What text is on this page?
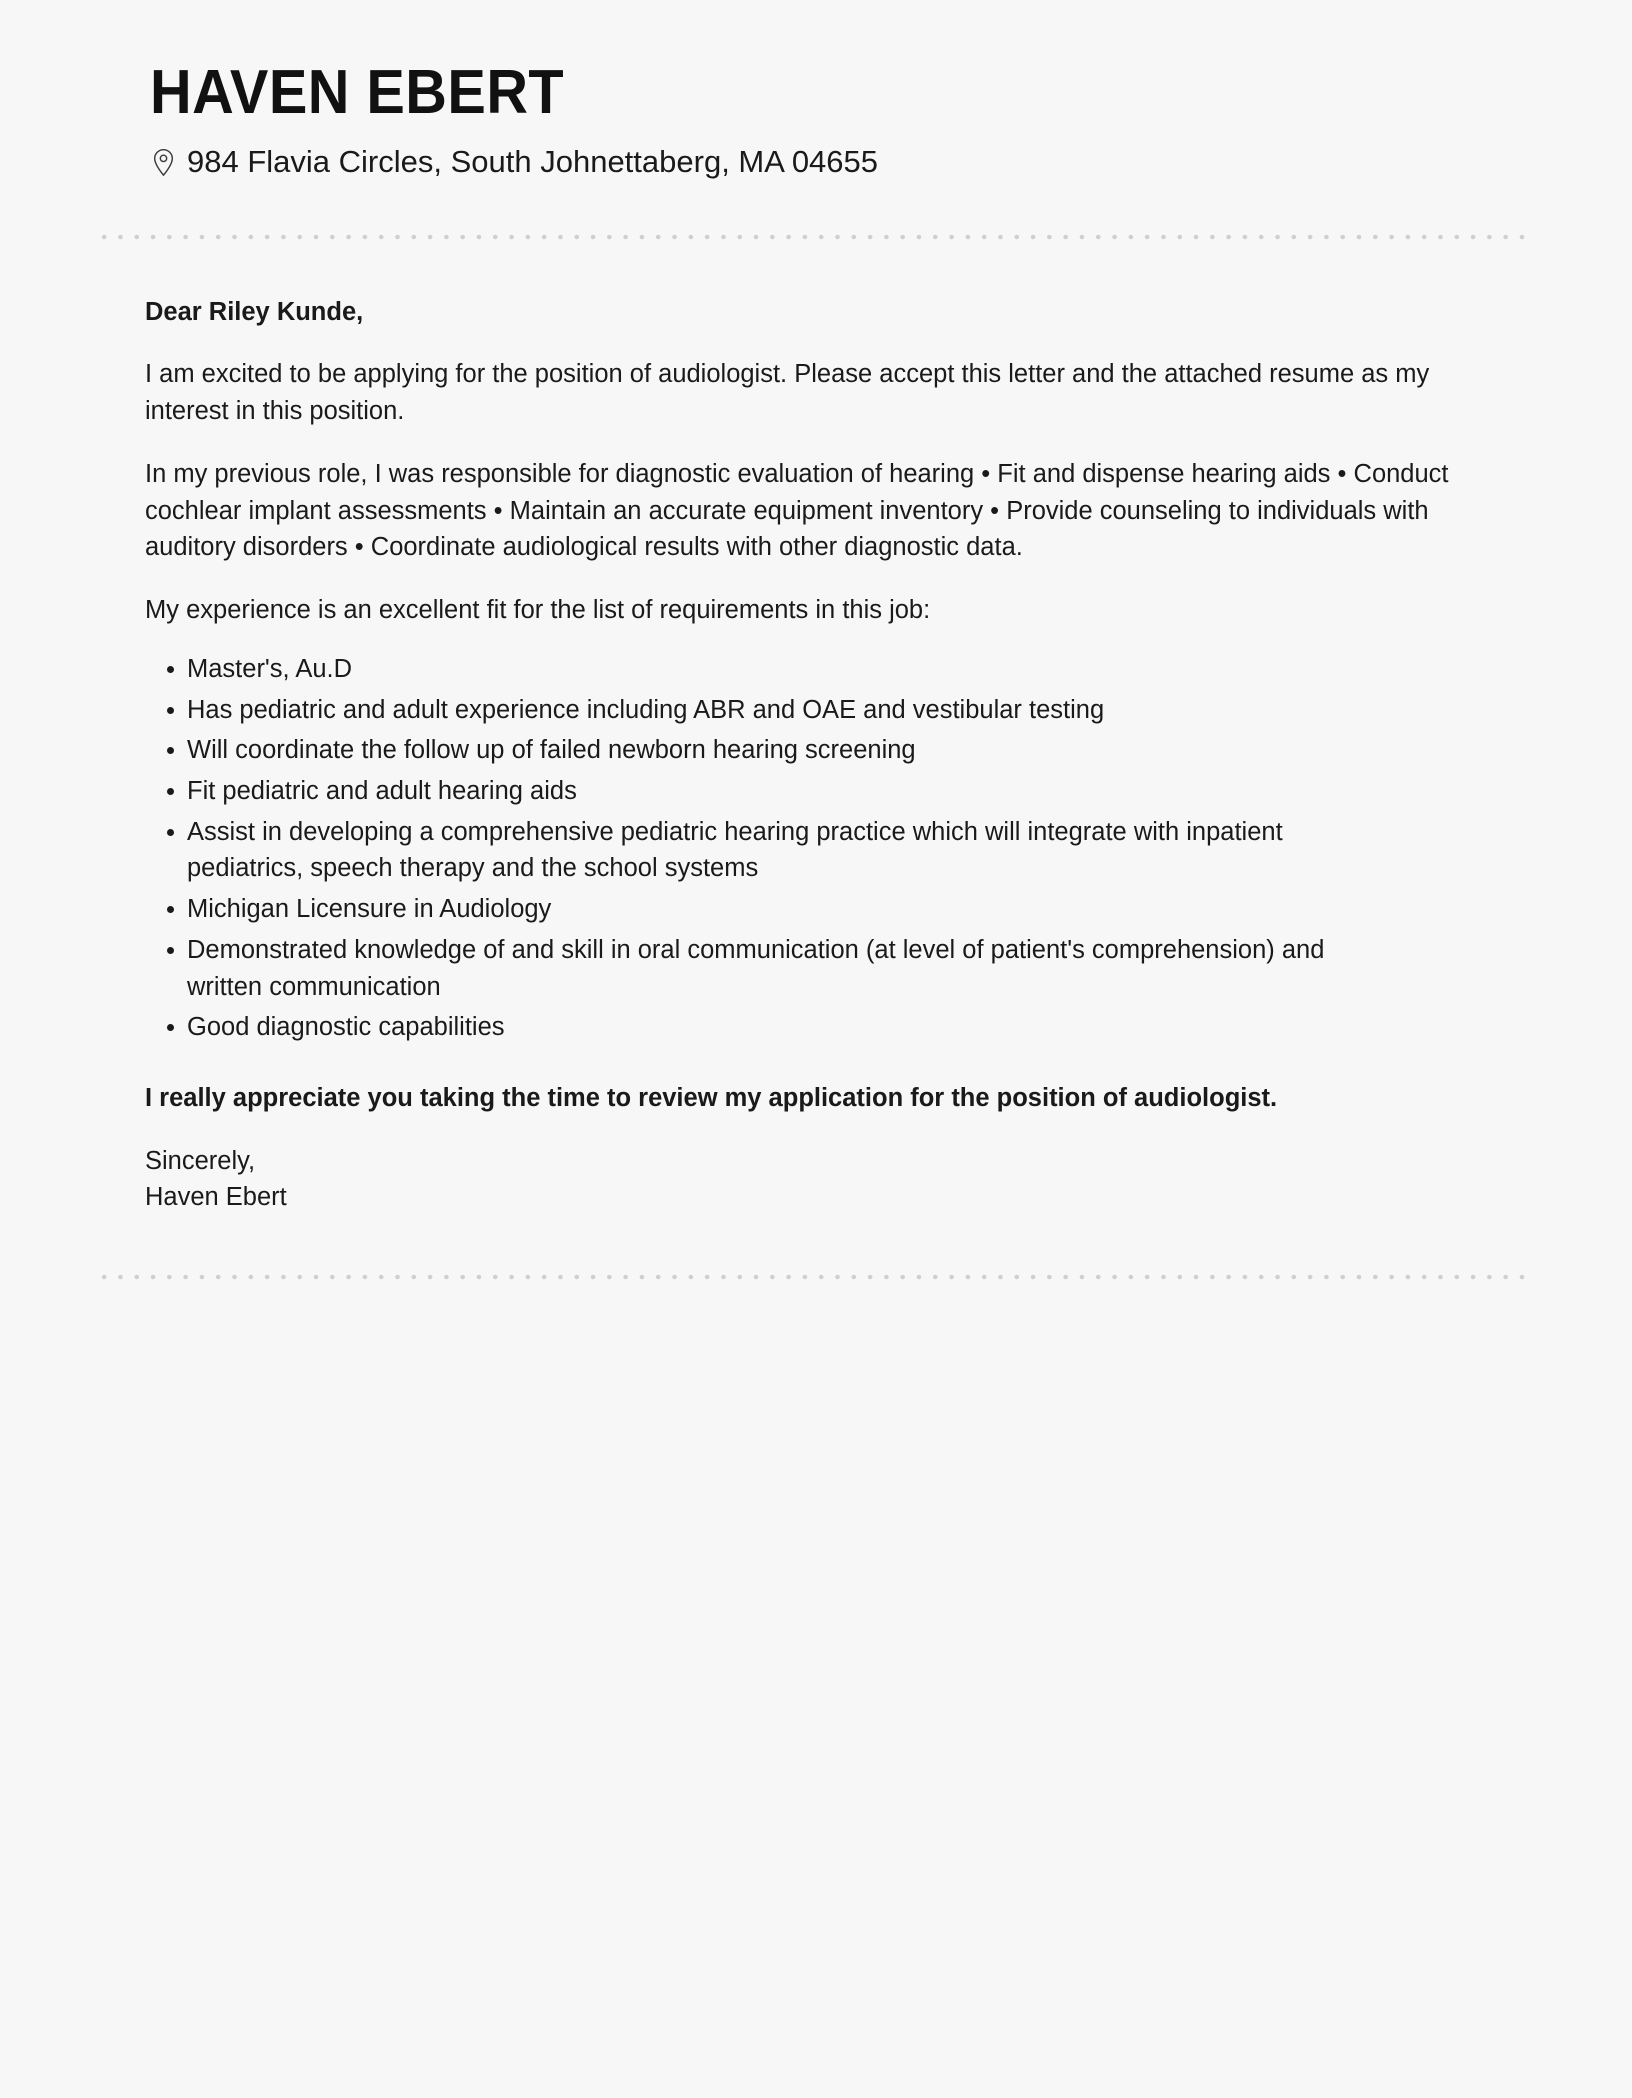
HAVEN EBERT
984 Flavia Circles, South Johnettaberg, MA 04655

Dear Riley Kunde,

I am excited to be applying for the position of audiologist. Please accept this letter and the attached resume as my interest in this position.

In my previous role, I was responsible for diagnostic evaluation of hearing • Fit and dispense hearing aids • Conduct cochlear implant assessments • Maintain an accurate equipment inventory • Provide counseling to individuals with auditory disorders • Coordinate audiological results with other diagnostic data.

My experience is an excellent fit for the list of requirements in this job:

Master's, Au.D
Has pediatric and adult experience including ABR and OAE and vestibular testing
Will coordinate the follow up of failed newborn hearing screening
Fit pediatric and adult hearing aids
Assist in developing a comprehensive pediatric hearing practice which will integrate with inpatient pediatrics, speech therapy and the school systems
Michigan Licensure in Audiology
Demonstrated knowledge of and skill in oral communication (at level of patient's comprehension) and written communication
Good diagnostic capabilities

I really appreciate you taking the time to review my application for the position of audiologist.

Sincerely,
Haven Ebert
